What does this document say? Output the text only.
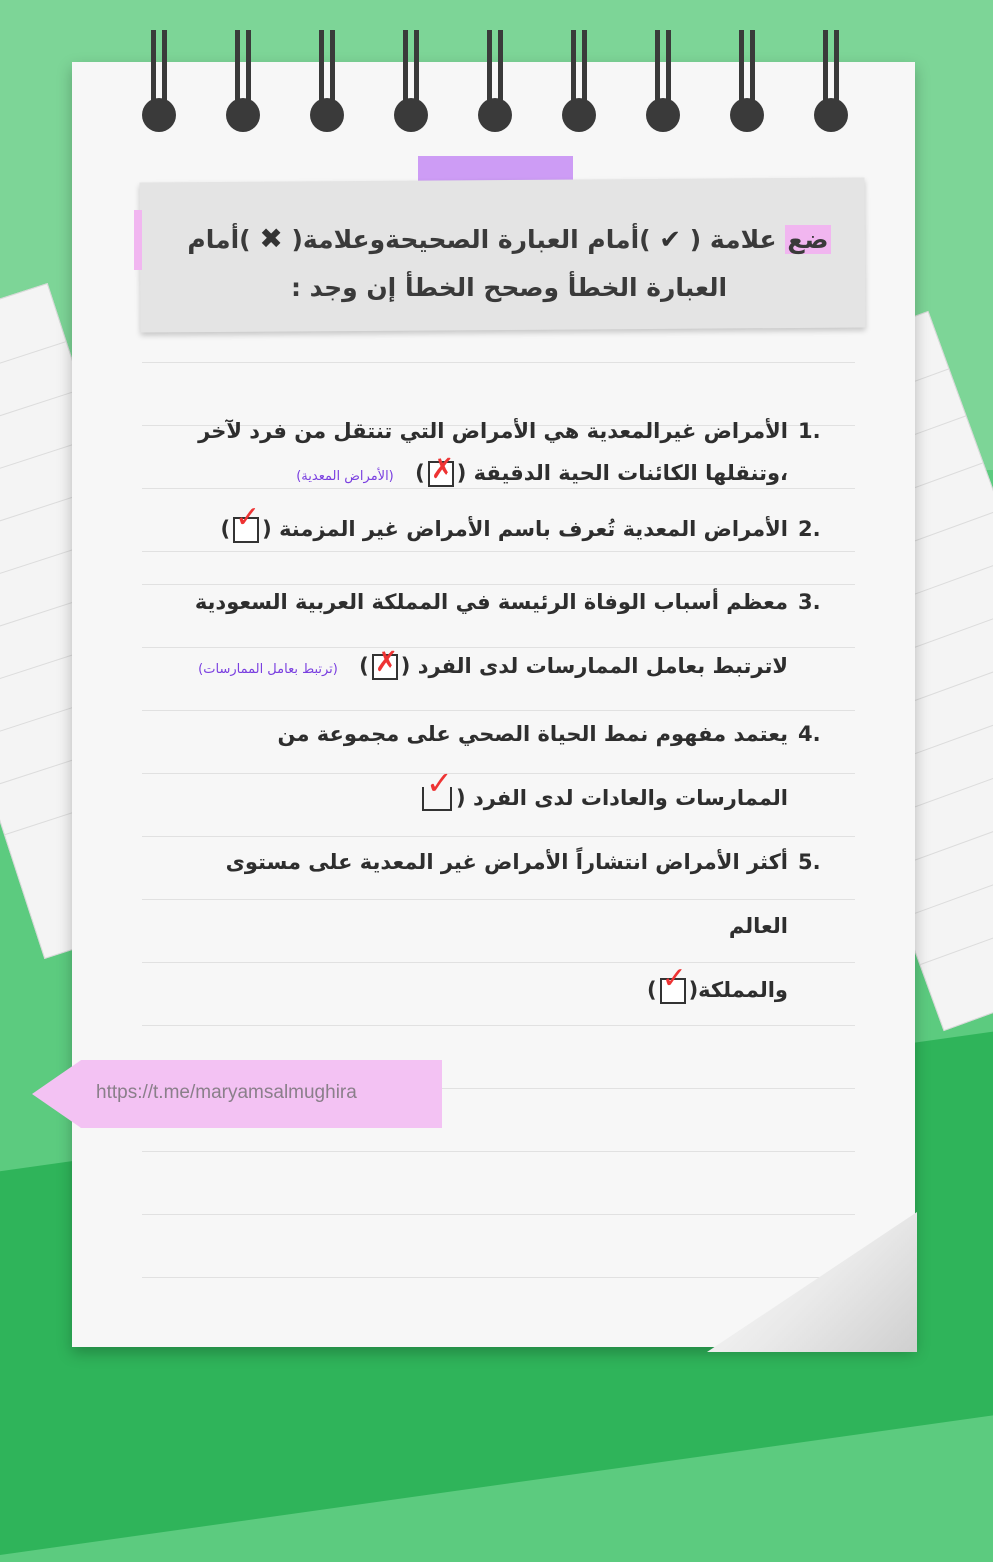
ضع علامة ( ✔ )أمام العبارة الصحيحةوعلامة( ✖ )أمام
العبارة الخطأ وصحح الخطأ إن وجد :
1.
الأمراض غيرالمعدية هي الأمراض التي تنتقل من فرد لآخر
،وتنقلها الكائنات الحية الدقيقة (✗) (الأمراض المعدية)
2.
الأمراض المعدية تُعرف باسم الأمراض غير المزمنة (✓)
3.
معظم أسباب الوفاة الرئيسة في المملكة العربية السعودية
لاترتبط بعامل الممارسات لدى الفرد (✗) (ترتبط بعامل الممارسات)
4.
يعتمد مفهوم نمط الحياة الصحي على مجموعة من
الممارسات والعادات لدى الفرد (✓
5.
أكثر الأمراض انتشاراً الأمراض غير المعدية على مستوى العالم
والمملكة(✓)
https://t.me/maryamsalmughira
